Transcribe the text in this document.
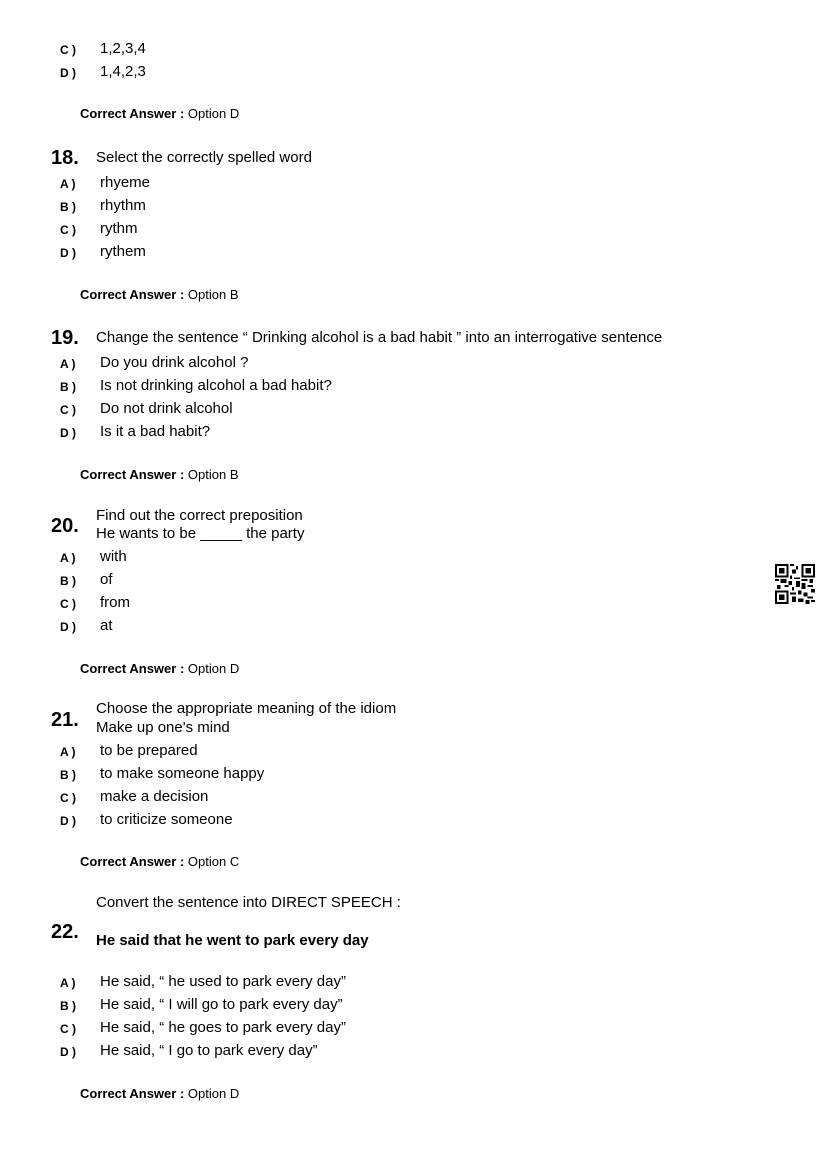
C ) 1,2,3,4
D ) 1,4,2,3
Correct Answer : Option D
18. Select the correctly spelled word
A ) rhyeme
B ) rhythm
C ) rythm
D ) rythem
Correct Answer : Option B
19. Change the sentence “ Drinking alcohol is a bad habit ” into an interrogative sentence
A ) Do you drink alcohol ?
B ) Is not drinking alcohol a bad habit?
C ) Do not drink alcohol
D ) Is it a bad habit?
Correct Answer : Option B
20. Find out the correct preposition
He wants to be _____ the party
A ) with
B ) of
C ) from
D ) at
Correct Answer : Option D
21.
Choose the appropriate meaning of the idiom
Make up one's mind
A ) to be prepared
B ) to make someone happy
C ) make a decision
D ) to criticize someone
Correct Answer : Option C
Convert the sentence into DIRECT SPEECH :
22. He said that he went to park every day
A ) He said, “ he used to park every day”
B ) He said, “ I will go to park every day”
C ) He said, “ he goes to park every day”
D ) He said, “ I go to park every day”
Correct Answer : Option D
